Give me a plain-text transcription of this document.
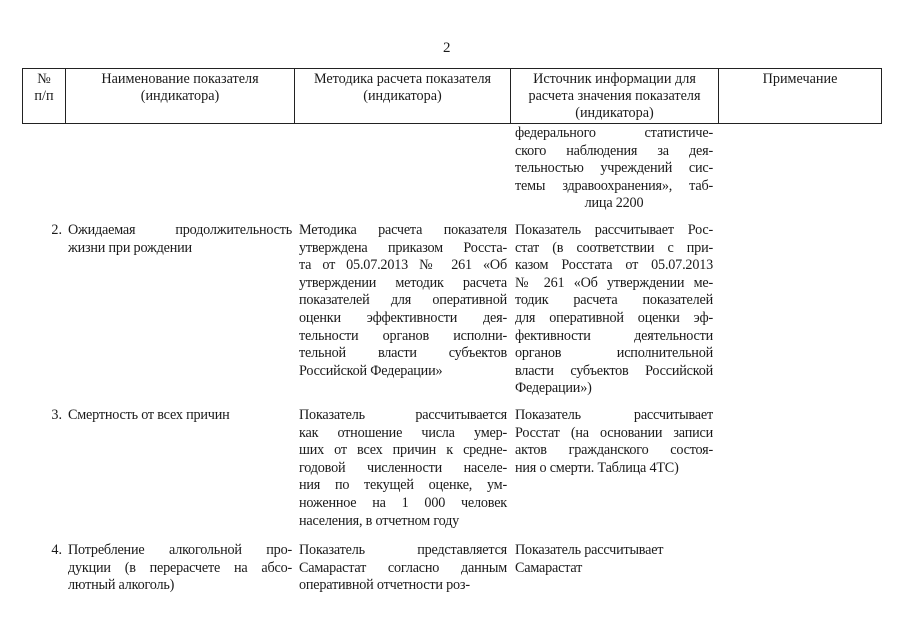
2
№
п/п
Наименование показателя
(индикатора)
Методика расчета показателя
(индикатора)
Источник информации для
расчета значения показателя
(индикатора)
Примечание
федерального статистиче-
ского наблюдения за дея-
тельностью учреждений сис-
темы здравоохранения», таб-
лица 2200
2. Ожидаемая продолжительность
жизни при рождении
Методика расчета показателя
утверждена приказом Росста-
та от 05.07.2013 № 261 «Об
утверждении методик расчета
показателей для оперативной
оценки эффективности дея-
тельности органов исполни-
тельной власти субъектов
Российской Федерации»
Показатель рассчитывает Рос-
стат (в соответствии с при-
казом Росстата от 05.07.2013
№ 261 «Об утверждении ме-
тодик расчета показателей
для оперативной оценки эф-
фективности деятельности
органов исполнительной
власти субъектов Российской
Федерации»)
3. Смертность от всех причин	Показатель рассчитывается
как отношение числа умер-
ших от всех причин к средне-
годовой численности населе-
ния по текущей оценке, ум-
ноженное на 1 000 человек
населения, в отчетном году
Показатель рассчитывает
Росстат (на основании записи
актов гражданского состоя-
ния о смерти. Таблица 4ТС)
4. Потребление алкогольной про-
дукции (в перерасчете на абсо-
лютный алкоголь)
Показатель представляется
Самарастат согласно данным
оперативной отчетности роз-
Показатель рассчитывает
Самарастат
